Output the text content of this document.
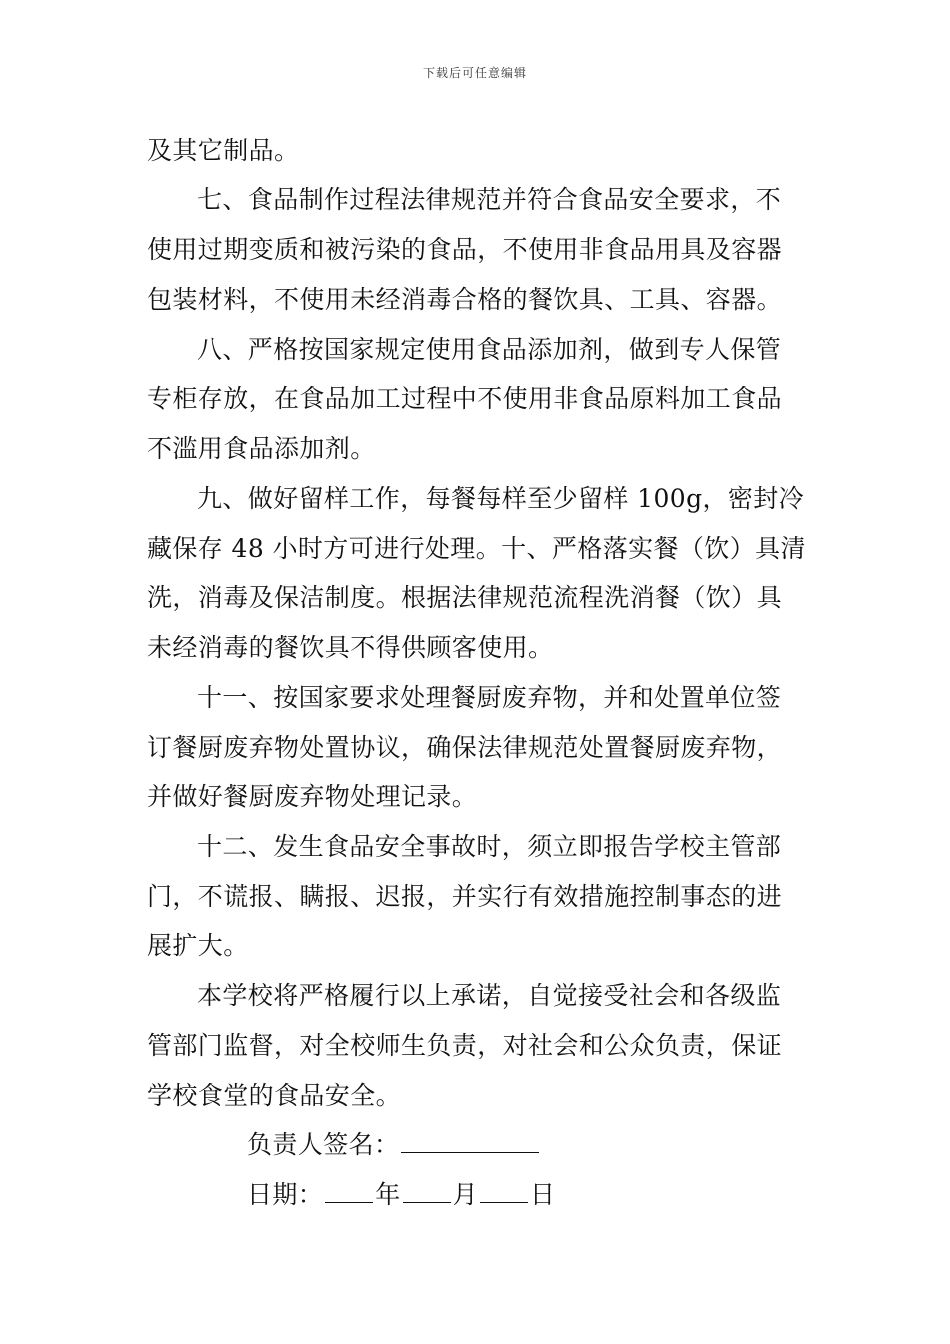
下载后可任意编辑
及其它制品。
七、食品制作过程法律规范并符合食品安全要求，不
使用过期变质和被污染的食品，不使用非食品用具及容器
包装材料，不使用未经消毒合格的餐饮具、工具、容器。
八、严格按国家规定使用食品添加剂，做到专人保管
专柜存放，在食品加工过程中不使用非食品原料加工食品
不滥用食品添加剂。
九、做好留样工作，每餐每样至少留样 100g，密封冷
藏保存 48 小时方可进行处理。十、严格落实餐（饮）具清
洗，消毒及保洁制度。根据法律规范流程洗消餐（饮）具
未经消毒的餐饮具不得供顾客使用。
十一、按国家要求处理餐厨废弃物，并和处置单位签
订餐厨废弃物处置协议，确保法律规范处置餐厨废弃物，
并做好餐厨废弃物处理记录。
十二、发生食品安全事故时，须立即报告学校主管部
门，不谎报、瞒报、迟报，并实行有效措施控制事态的进
展扩大。
本学校将严格履行以上承诺，自觉接受社会和各级监
管部门监督，对全校师生负责，对社会和公众负责，保证
学校食堂的食品安全。
负责人签名：
日期： 年 月 日
